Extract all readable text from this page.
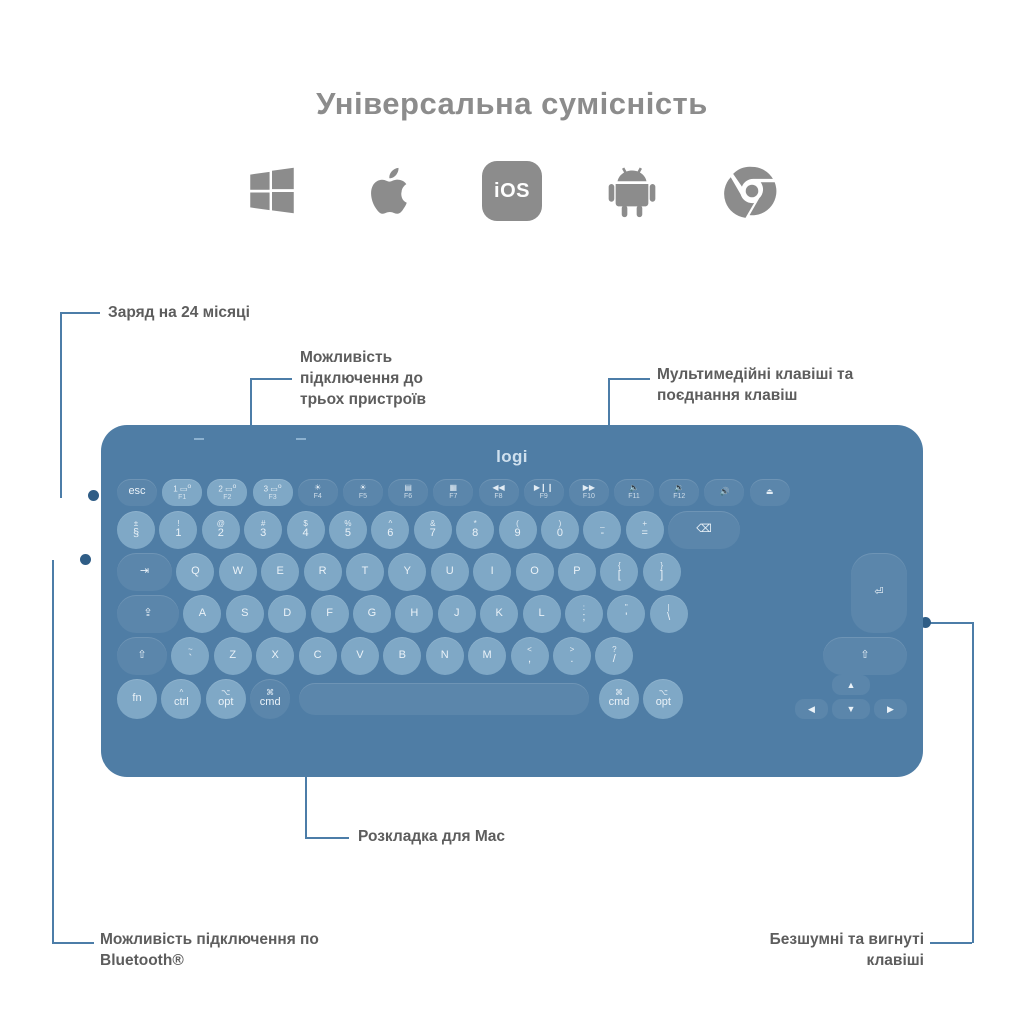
Універсальна сумісність
iOS
Заряд на 24 місяці
Можливість
підключення до
трьох пристроїв
Мультимедійні клавіші та
поєднання клавіш
Розкладка для Mac
Можливість підключення по
Bluetooth®
Безшумні та вигнуті
клавіші
logi
esc	1 ▭$^o$
F1
2 ▭$^o$
F2
3 ▭$^o$
F3
☀
F4
☀
F5
▤
F6
▦
F7
◀◀
F8
▶❙❙
F9
▶▶
F10
🔈
F11
🔉
F12
🔊	⏏
±
§
!
1
@
2
#
3
$
4
%
5
^
6
&
7
*
8
(
9
)
0
_
-
+
=	⌫
⇥	Q	W	E	R	T	Y	U	I	O	P	{
[
}
]
⏎
⇪	A	S	D	F	G	H	J	K	L	:
;
"
'
|
\
⇧	~
`	Z	X	C	V	B	N	M	<
,
>
.
?
/	⇧
fn	^
ctrl
⌥
opt
⌘
cmd
⌘
cmd
⌥
opt
▲
◀	▼	▶
